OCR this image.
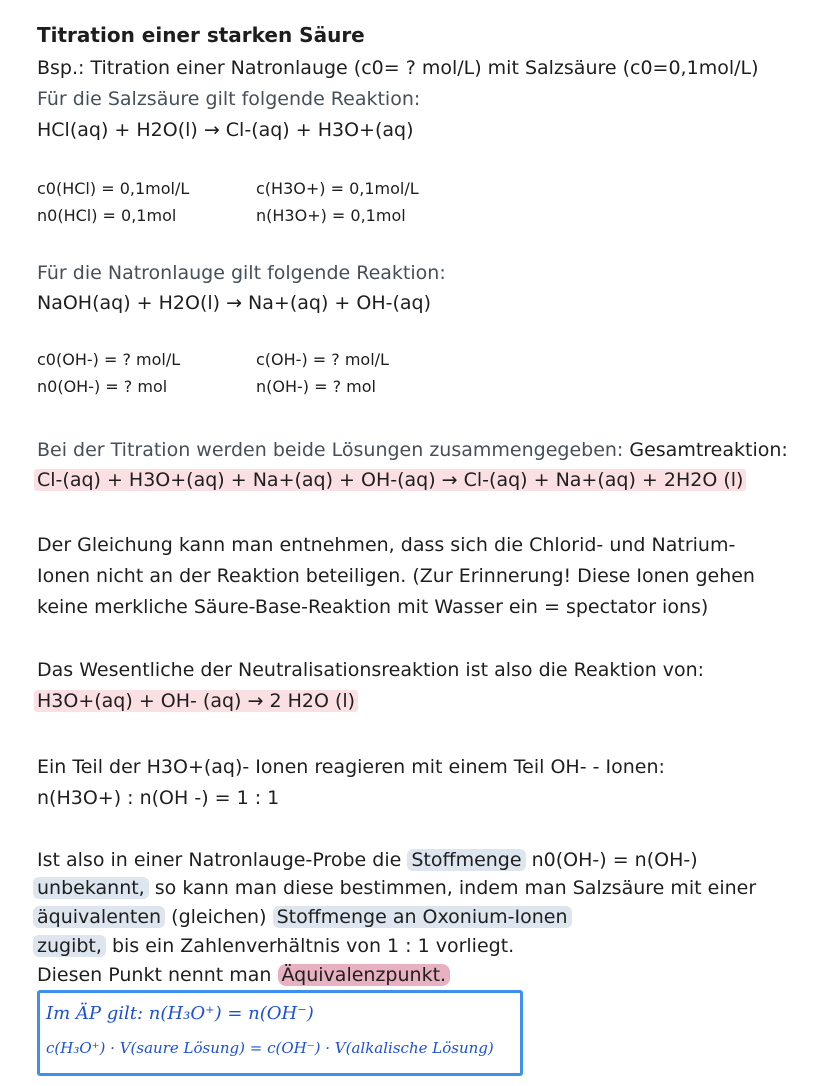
Titration einer starken Säure
Bsp.: Titration einer Natronlauge (c0= ? mol/L) mit Salzsäure (c0=0,1mol/L)
Für die Salzsäure gilt folgende Reaktion:
HCl(aq) + H2O(l) → Cl-(aq) + H3O+(aq)
c0(HCl) = 0,1mol/L	c(H3O+) = 0,1mol/L
n0(HCl) = 0,1mol	n(H3O+) = 0,1mol
Für die Natronlauge gilt folgende Reaktion:
NaOH(aq) + H2O(l) → Na+(aq) + OH-(aq)
c0(OH-) = ? mol/L	c(OH-) = ? mol/L
n0(OH-) = ? mol	n(OH-) = ? mol
Bei der Titration werden beide Lösungen zusammengegeben: Gesamtreaktion:
Cl-(aq) + H3O+(aq) + Na+(aq) + OH-(aq) → Cl-(aq) + Na+(aq) + 2H2O (l)
Der Gleichung kann man entnehmen, dass sich die Chlorid- und Natrium-
Ionen nicht an der Reaktion beteiligen. (Zur Erinnerung! Diese Ionen gehen
keine merkliche Säure-Base-Reaktion mit Wasser ein = spectator ions)
Das Wesentliche der Neutralisationsreaktion ist also die Reaktion von:
H3O+(aq) + OH- (aq) → 2 H2O (l)
Ein Teil der H3O+(aq)- Ionen reagieren mit einem Teil OH- - Ionen:
n(H3O+) : n(OH -) = 1 : 1
Ist also in einer Natronlauge-Probe die Stoffmenge n0(OH-) = n(OH-)
unbekannt, so kann man diese bestimmen, indem man Salzsäure mit einer
äquivalenten (gleichen) Stoffmenge an Oxonium-Ionen
zugibt, bis ein Zahlenverhältnis von 1 : 1 vorliegt.
Diesen Punkt nennt man Äquivalenzpunkt.
Im ÄP gilt: n(H₃O⁺) = n(OH⁻)
c(H₃O⁺) · V(saure Lösung) = c(OH⁻) · V(alkalische Lösung)
